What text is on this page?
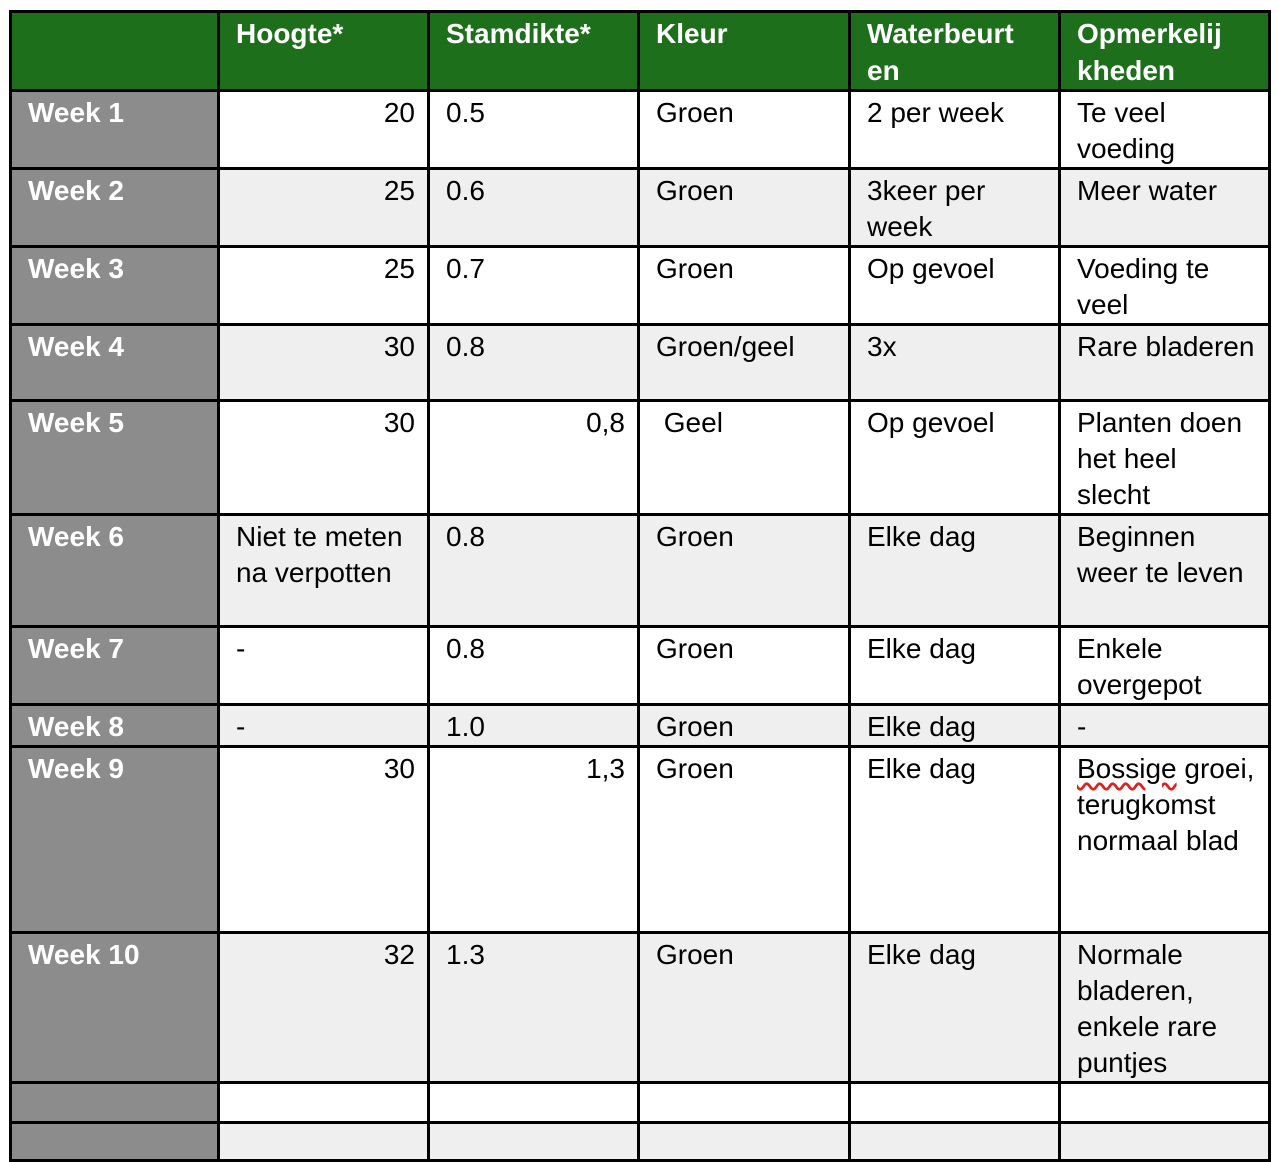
	Hoogte*	Stamdikte*	Kleur	Waterbeurt en	Opmerkelij kheden
Week 1	20	0.5	Groen	2 per week	Te veel voeding
Week 2	25	0.6	Groen	3keer per week	Meer water
Week 3	25	0.7	Groen	Op gevoel	Voeding te veel
Week 4	30	0.8	Groen/geel	3x	Rare bladeren
Week 5	30	0,8	Geel	Op gevoel	Planten doen het heel slecht
Week 6	Niet te meten na verpotten	0.8	Groen	Elke dag	Beginnen weer te leven
Week 7	-	0.8	Groen	Elke dag	Enkele overgepot
Week 8	-	1.0	Groen	Elke dag	-
Week 9	30	1,3	Groen	Elke dag	Bossige groei, terugkomst normaal blad
Week 10	32	1.3	Groen	Elke dag	Normale bladeren, enkele rare puntjes
